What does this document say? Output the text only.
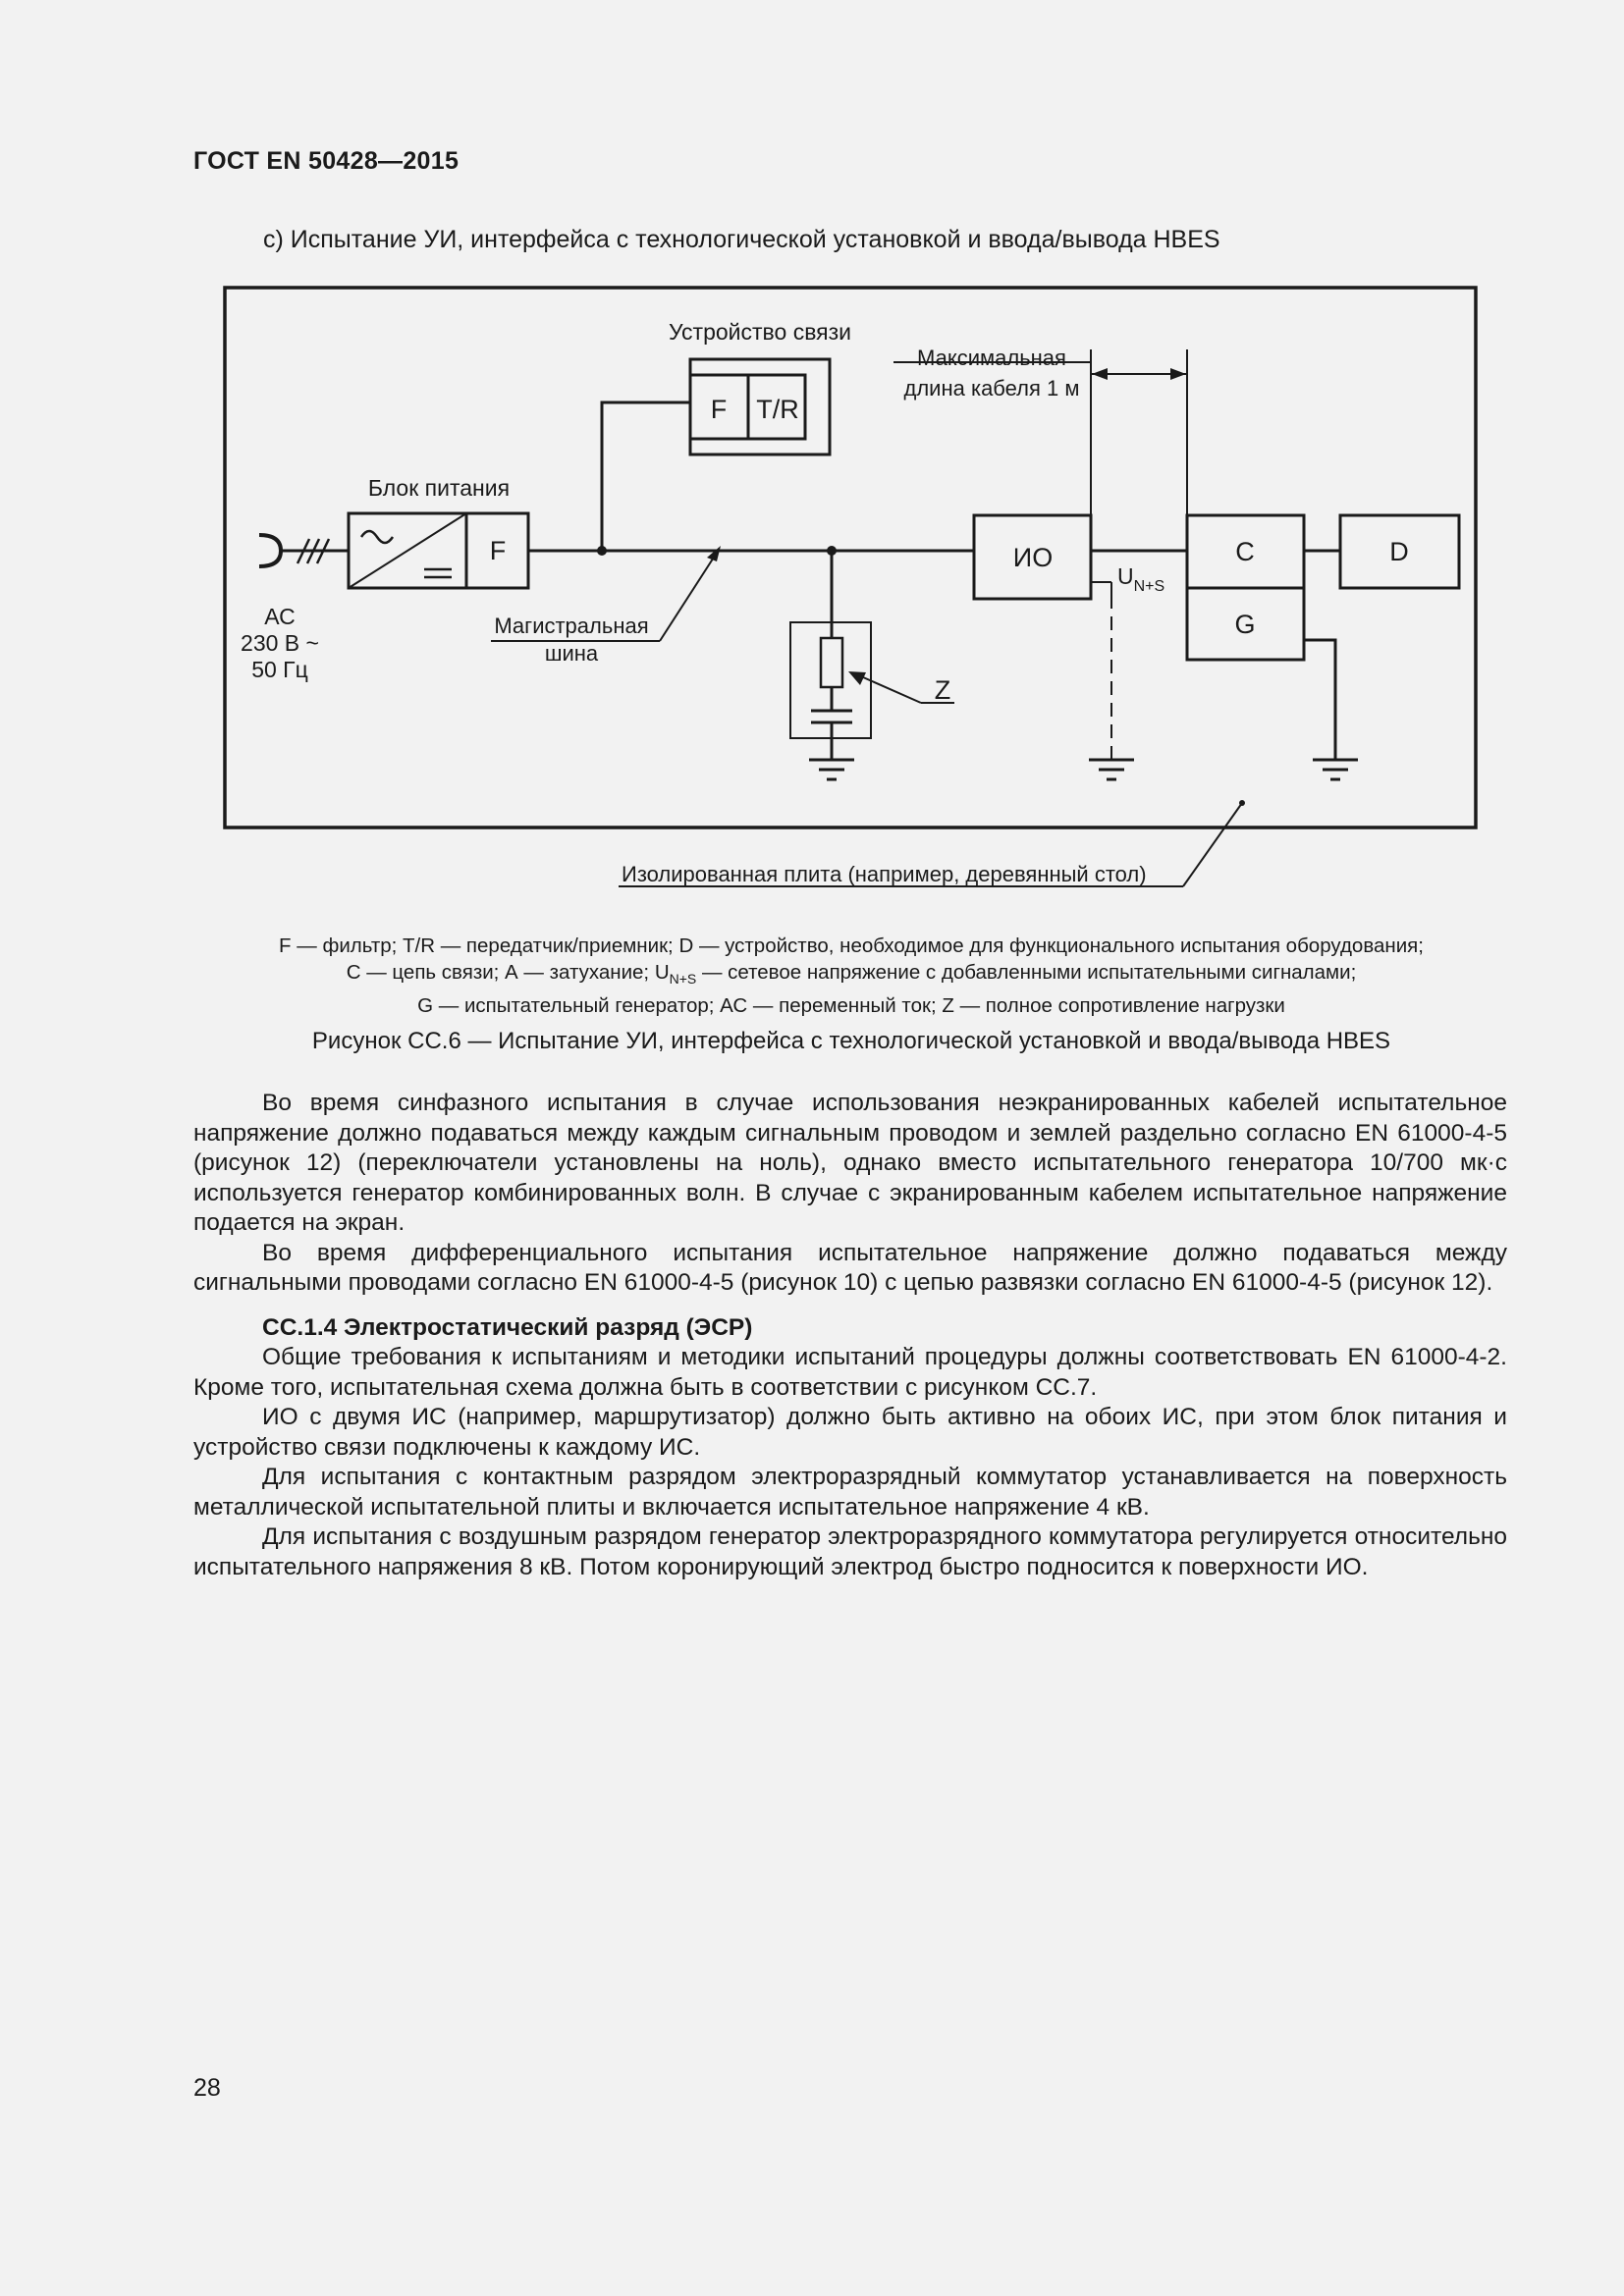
ГОСТ EN 50428—2015
с) Испытание УИ, интерфейса с технологической установкой и ввода/вывода HBES
Устройство связи
F T/R
Максимальная
длина кабеля 1 м
Блок питания
F
АС
230 В ~
50 Гц
Магистральная
шина
ИО
$U_{N+S}$
C
G
D
Z
Изолированная плита (например, деревянный стол)
F — фильтр; T/R — передатчик/приемник; D — устройство, необходимое для функционального испытания оборудования;
С — цепь связи; А — затухание; $U_{N+S}$ — сетевое напряжение с добавленными испытательными сигналами;
G — испытательный генератор; АС — переменный ток; Z — полное сопротивление нагрузки
Рисунок СС.6 — Испытание УИ, интерфейса с технологической установкой и ввода/вывода HBES

Во время синфазного испытания в случае использования неэкранированных кабелей испытательное напряжение должно подаваться между каждым сигнальным проводом и землей раздельно согласно EN 61000-4-5 (рисунок 12) (переключатели установлены на ноль), однако вместо испытательного генератора 10/700 мк·с используется генератор комбинированных волн. В случае с экранированным кабелем испытательное напряжение подается на экран.

Во время дифференциального испытания испытательное напряжение должно подаваться между сигнальными проводами согласно EN 61000-4-5 (рисунок 10) с цепью развязки согласно EN 61000-4-5 (рисунок 12).

СС.1.4 Электростатический разряд (ЭСР)

Общие требования к испытаниям и методики испытаний процедуры должны соответствовать EN 61000-4-2. Кроме того, испытательная схема должна быть в соответствии с рисунком СС.7.

ИО с двумя ИС (например, маршрутизатор) должно быть активно на обоих ИС, при этом блок питания и устройство связи подключены к каждому ИС.

Для испытания с контактным разрядом электроразрядный коммутатор устанавливается на поверхность металлической испытательной плиты и включается испытательное напряжение 4 кВ.

Для испытания с воздушным разрядом генератор электроразрядного коммутатора регулируется относительно испытательного напряжения 8 кВ. Потом коронирующий электрод быстро подносится к поверхности ИО.

28
